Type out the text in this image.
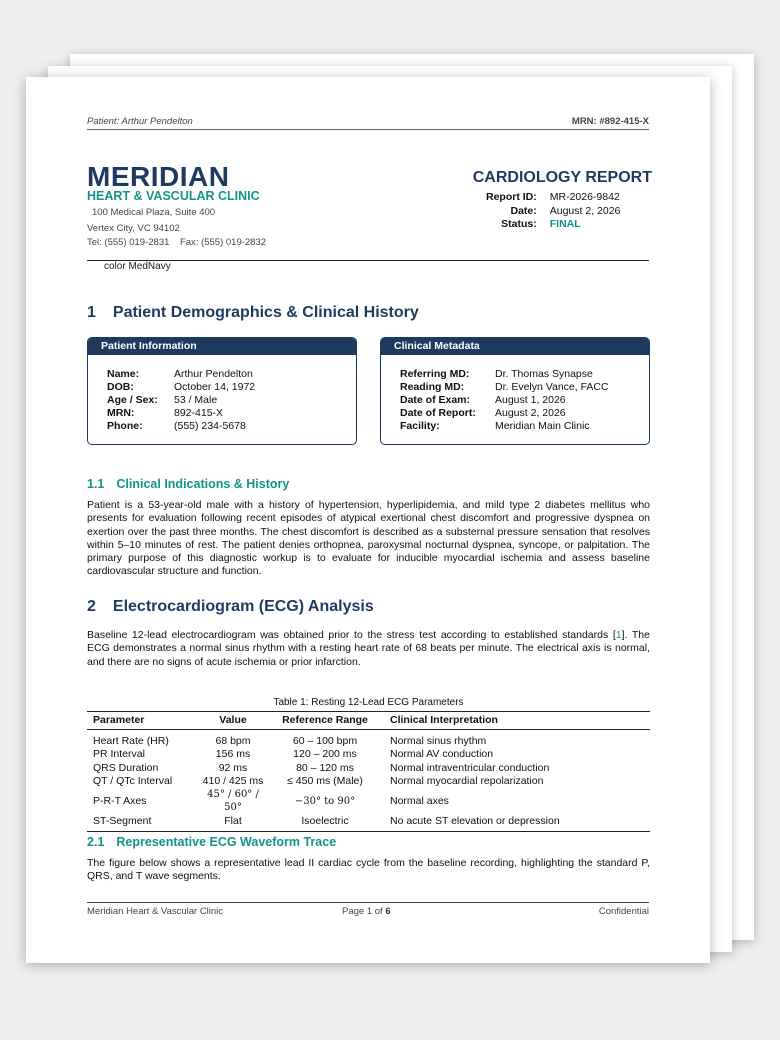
Patient: Arthur Pendelton	MRN: #892-415-X
MERIDIAN
HEART & VASCULAR CLINIC
100 Medical Plaza, Suite 400
Vertex City, VC 94102
Tel: (555) 019-2831    Fax: (555) 019-2832
CARDIOLOGY REPORT
Report ID:	MR-2026-9842
Date:	August 2, 2026
Status:	FINAL
color MedNavy
1 Patient Demographics & Clinical History
Patient Information
Name:	Arthur Pendelton
DOB:	October 14, 1972
Age / Sex:	53 / Male
MRN:	892-415-X
Phone:	(555) 234-5678
Clinical Metadata
Referring MD:	Dr. Thomas Synapse
Reading MD:	Dr. Evelyn Vance, FACC
Date of Exam:	August 1, 2026
Date of Report:	August 2, 2026
Facility:	Meridian Main Clinic
1.1 Clinical Indications & History
Patient is a 53-year-old male with a history of hypertension, hyperlipidemia, and mild type 2 diabetes mellitus who presents for evaluation following recent episodes of atypical exertional chest discomfort and progressive dyspnea on exertion over the past three months. The chest discomfort is described as a substernal pressure sensation that resolves within 5–10 minutes of rest. The patient denies orthopnea, paroxysmal nocturnal dyspnea, syncope, or palpitation. The primary purpose of this diagnostic workup is to evaluate for inducible myocardial ischemia and assess baseline cardiovascular structure and function.
2 Electrocardiogram (ECG) Analysis
Baseline 12-lead electrocardiogram was obtained prior to the stress test according to established standards [1]. The ECG demonstrates a normal sinus rhythm with a resting heart rate of 68 beats per minute. The electrical axis is normal, and there are no signs of acute ischemia or prior infarction.
Table 1: Resting 12-Lead ECG Parameters
Parameter	Value	Reference Range	Clinical Interpretation
Heart Rate (HR)	68 bpm	60 – 100 bpm	Normal sinus rhythm
PR Interval	156 ms	120 – 200 ms	Normal AV conduction
QRS Duration	92 ms	80 – 120 ms	Normal intraventricular conduction
QT / QTc Interval	410 / 425 ms	≤ 450 ms (Male)	Normal myocardial repolarization
P-R-T Axes	45° / 60° / 50°	−30° to 90°	Normal axes
ST-Segment	Flat	Isoelectric	No acute ST elevation or depression
2.1 Representative ECG Waveform Trace
The figure below shows a representative lead II cardiac cycle from the baseline recording, highlighting the standard P, QRS, and T wave segments.
Meridian Heart & Vascular Clinic	Page 1 of 6	Confidential
